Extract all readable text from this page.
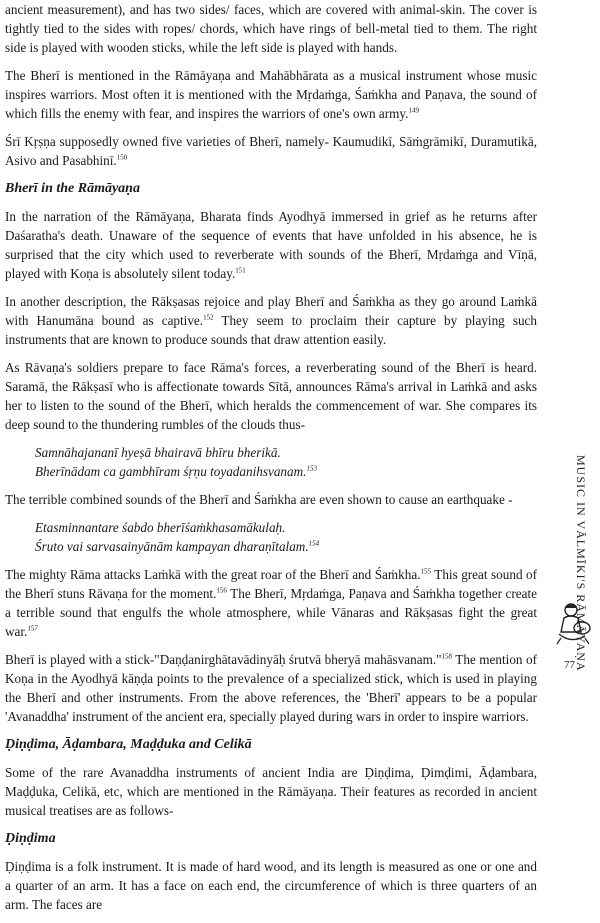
ancient measurement), and has two sides/ faces, which are covered with animal-skin. The cover is tightly tied to the sides with ropes/ chords, which have rings of bell-metal tied to them. The right side is played with wooden sticks, while the left side is played with hands.

The Bherī is mentioned in the Rāmāyaṇa and Mahābhārata as a musical instrument whose music inspires warriors. Most often it is mentioned with the Mṛdaṁga, Śaṁkha and Paṇava, the sound of which fills the enemy with fear, and inspires the warriors of one's own army.$^{149}$

Śrī Kṛṣṇa supposedly owned five varieties of Bherī, namely- Kaumudikī, Sāṁgrāmikī, Duramutikā, Asivo and Pasabhinī.$^{150}$

Bherī in the Rāmāyaṇa

In the narration of the Rāmāyaṇa, Bharata finds Ayodhyā immersed in grief as he returns after Daśaratha's death. Unaware of the sequence of events that have unfolded in his absence, he is surprised that the city which used to reverberate with sounds of the Bherī, Mṛdaṁga and Vīṇā, played with Koṇa is absolutely silent today.$^{151}$

In another description, the Rākṣasas rejoice and play Bherī and Śaṁkha as they go around Laṁkā with Hanumāna bound as captive.$^{152}$ They seem to proclaim their capture by playing such instruments that are known to produce sounds that draw attention easily.

As Rāvaṇa's soldiers prepare to face Rāma's forces, a reverberating sound of the Bherī is heard. Saramā, the Rākṣasī who is affectionate towards Sītā, announces Rāma's arrival in Laṁkā and asks her to listen to the sound of the Bherī, which heralds the commencement of war. She compares its deep sound to the thundering rumbles of the clouds thus-

Samnāhajananī hyeṣā bhairavā bhīru bherikā.
Bherīnādam ca gambhīram śṛṇu toyadanihsvanam.$^{153}$

The terrible combined sounds of the Bherī and Śaṁkha are even shown to cause an earthquake -

Etasminnantare śabdo bherīśaṁkhasamākulaḥ.
Śruto vai sarvasainyānām kampayan dharaṇītalam.$^{154}$

The mighty Rāma attacks Laṁkā with the great roar of the Bherī and Śaṁkha.$^{155}$ This great sound of the Bherī stuns Rāvaṇa for the moment.$^{156}$ The Bherī, Mṛdaṁga, Paṇava and Śaṁkha together create a terrible sound that engulfs the whole atmosphere, while Vānaras and Rākṣasas fight the great war.$^{157}$

Bherī is played with a stick-"Daṇḍanirghātavādinyāḥ śrutvā bheryā mahāsvanam."$^{158}$ The mention of Koṇa in the Ayodhyā kāṇḍa points to the prevalence of a specialized stick, which is used in playing the Bherī and other instruments. From the above references, the 'Bherī' appears to be a popular 'Avanaddha' instrument of the ancient era, specially played during wars in order to inspire warriors.

Ḍiṇḍima, Āḍambara, Maḍḍuka and Celikā

Some of the rare Avanaddha instruments of ancient India are Ḍiṇḍima, Ḍimḍimi, Āḍambara, Maḍḍuka, Celikā, etc, which are mentioned in the Rāmāyaṇa. Their features as recorded in ancient musical treatises are as follows-

Ḍiṇḍima

Ḍiṇḍima is a folk instrument. It is made of hard wood, and its length is measured as one or one and a quarter of an arm. It has a face on each end, the circumference of which is three quarters of an arm. The faces are

MUSIC IN VĀLMĪKI'S RĀMĀYAṆA
77
